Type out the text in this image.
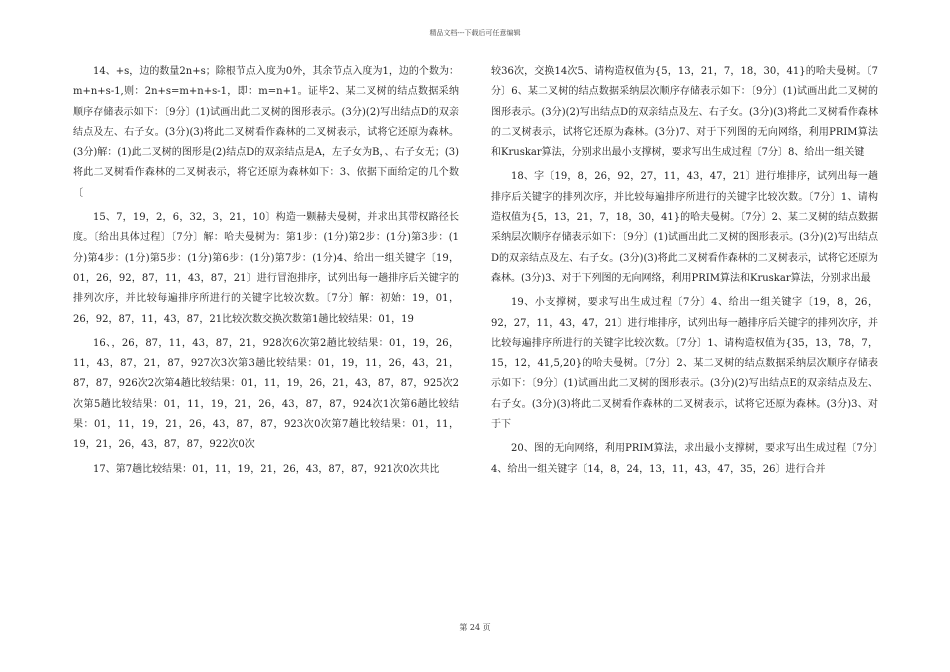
精品文档---下载后可任意编辑

14、+s，边的数量2n+s；除根节点入度为0外，其余节点入度为1，边的个数为：m+n+s-1,则：2n+s=m+n+s-1，即：m=n+1。证毕2、某二叉树的结点数据采纳顺序存储表示如下：〔9分〕(1)试画出此二叉树的图形表示。(3分)(2)写出结点D的双亲结点及左、右子女。(3分)(3)将此二叉树看作森林的二叉树表示，试将它还原为森林。(3分)解：(1)此二叉树的图形是(2)结点D的双亲结点是A，左子女为B，、右子女无；(3)将此二叉树看作森林的二叉树表示，将它还原为森林如下：3、依据下面给定的几个数〔

15、7，19，2，6，32，3，21，10〕构造一颗赫夫曼树，并求出其带权路径长度。〔给出具体过程〕〔7分〕解：哈夫曼树为：第1步：(1分)第2步：(1分)第3步：(1分)第4步：(1分)第5步：(1分)第6步：(1分)第7步：(1分)4、给出一组关键字〔19，01，26，92，87，11，43，87，21〕进行冒泡排序，试列出每一趟排序后关键字的排列次序，并比较每遍排序所进行的关键字比较次数。〔7分〕解：初始：19，01，26，92，87，11，43，87，21比较次数交换次数第1趟比较结果：01，19

16、，26，87，11，43，87，21，928次6次第2趟比较结果：01，19，26，11，43，87，21，87，927次3次第3趟比较结果：01，19，11，26，43，21，87，87，926次2次第4趟比较结果：01，11，19，26，21，43，87，87，925次2次第5趟比较结果：01，11，19，21，26，43，87，87，924次1次第6趟比较结果：01，11，19，21，26，43，87，87，923次0次第7趟比较结果：01，11，19，21，26，43，87，87，922次0次

17、第7趟比较结果：01，11，19，21，26，43，87，87，921次0次共比

较36次，交换14次5、请构造权值为{5，13，21，7，18，30，41}的哈夫曼树。〔7分〕6、某二叉树的结点数据采纳层次顺序存储表示如下：〔9分〕(1)试画出此二叉树的图形表示。(3分)(2)写出结点D的双亲结点及左、右子女。(3分)(3)将此二叉树看作森林的二叉树表示，试将它还原为森林。(3分)7、对于下列图的无向网络，利用PRIM算法和Kruskar算法，分别求出最小支撑树，要求写出生成过程〔7分〕8、给出一组关键

18、字〔19，8，26，92，27，11，43，47，21〕进行堆排序，试列出每一趟排序后关键字的排列次序，并比较每遍排序所进行的关键字比较次数。〔7分〕1、请构造权值为{5，13，21，7，18，30，41}的哈夫曼树。〔7分〕2、某二叉树的结点数据采纳层次顺序存储表示如下：〔9分〕(1)试画出此二叉树的图形表示。(3分)(2)写出结点D的双亲结点及左、右子女。(3分)(3)将此二叉树看作森林的二叉树表示，试将它还原为森林。(3分)3、对于下列图的无向网络，利用PRIM算法和Kruskar算法，分别求出最

19、小支撑树，要求写出生成过程〔7分〕4、给出一组关键字〔19，8，26，92，27，11，43，47，21〕进行堆排序，试列出每一趟排序后关键字的排列次序，并比较每遍排序所进行的关键字比较次数。〔7分〕1、请构造权值为{35，13，78，7，15，12，41,5,20}的哈夫曼树。〔7分〕2、某二叉树的结点数据采纳层次顺序存储表示如下：〔9分〕(1)试画出此二叉树的图形表示。(3分)(2)写出结点E的双亲结点及左、右子女。(3分)(3)将此二叉树看作森林的二叉树表示，试将它还原为森林。(3分)3、对于下

20、图的无向网络，利用PRIM算法，求出最小支撑树，要求写出生成过程〔7分〕4、给出一组关键字〔14，8，24，13，11，43，47，35，26〕进行合并

第 24 页
